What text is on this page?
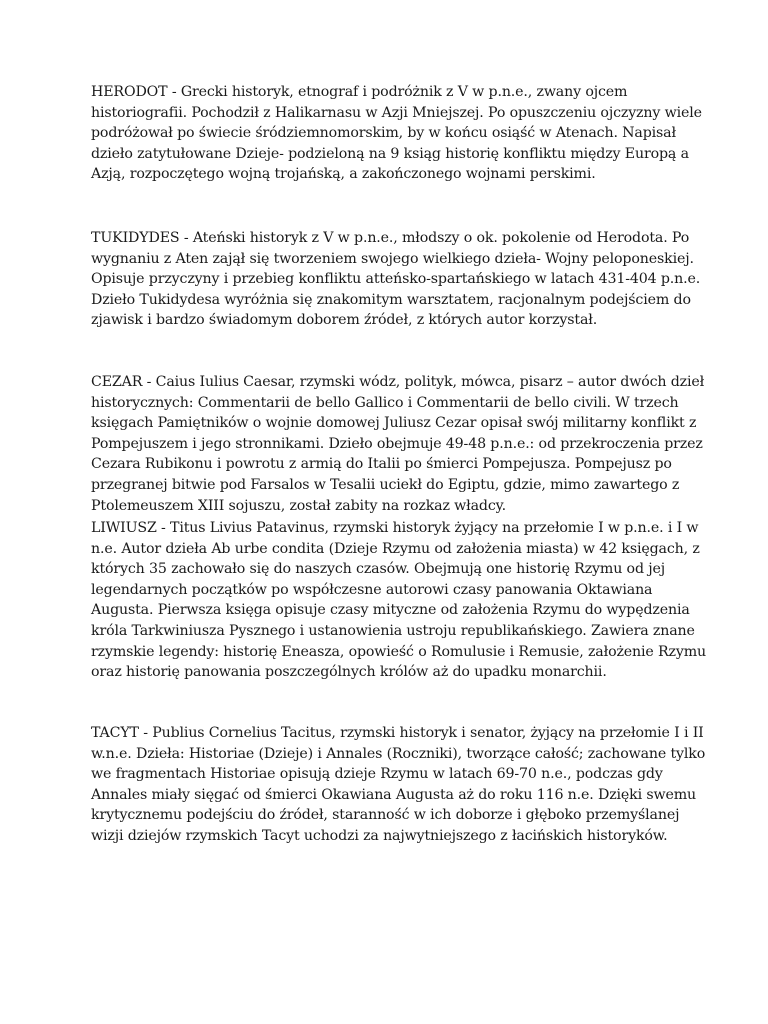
HERODOT - Grecki historyk, etnograf i podróżnik z V w p.n.e., zwany ojcem
historiografii. Pochodził z Halikarnasu w Azji Mniejszej. Po opuszczeniu ojczyzny wiele
podróżował po świecie śródziemnomorskim, by w końcu osiąść w Atenach. Napisał
dzieło zatytułowane Dzieje- podzieloną na 9 ksiąg historię konfliktu między Europą a
Azją, rozpoczętego wojną trojańską, a zakończonego wojnami perskimi.

TUKIDYDES - Ateński historyk z V w p.n.e., młodszy o ok. pokolenie od Herodota. Po
wygnaniu z Aten zajął się tworzeniem swojego wielkiego dzieła- Wojny peloponeskiej.
Opisuje przyczyny i przebieg konfliktu atteńsko-spartańskiego w latach 431-404 p.n.e.
Dzieło Tukidydesa wyróżnia się znakomitym warsztatem, racjonalnym podejściem do
zjawisk i bardzo świadomym doborem źródeł, z których autor korzystał.

CEZAR - Caius Iulius Caesar, rzymski wódz, polityk, mówca, pisarz – autor dwóch dzieł
historycznych: Commentarii de bello Gallico i Commentarii de bello civili. W trzech
księgach Pamiętników o wojnie domowej Juliusz Cezar opisał swój militarny konflikt z
Pompejuszem i jego stronnikami. Dzieło obejmuje 49-48 p.n.e.: od przekroczenia przez
Cezara Rubikonu i powrotu z armią do Italii po śmierci Pompejusza. Pompejusz po
przegranej bitwie pod Farsalos w Tesalii uciekł do Egiptu, gdzie, mimo zawartego z
Ptolemeuszem XIII sojuszu, został zabity na rozkaz władcy.

LIWIUSZ - Titus Livius Patavinus, rzymski historyk żyjący na przełomie I w p.n.e. i I w
n.e. Autor dzieła Ab urbe condita (Dzieje Rzymu od założenia miasta) w 42 księgach, z
których 35 zachowało się do naszych czasów. Obejmują one historię Rzymu od jej
legendarnych początków po współczesne autorowi czasy panowania Oktawiana
Augusta. Pierwsza księga opisuje czasy mityczne od założenia Rzymu do wypędzenia
króla Tarkwiniusza Pysznego i ustanowienia ustroju republikańskiego. Zawiera znane
rzymskie legendy: historię Eneasza, opowieść o Romulusie i Remusie, założenie Rzymu
oraz historię panowania poszczególnych królów aż do upadku monarchii.

TACYT - Publius Cornelius Tacitus, rzymski historyk i senator, żyjący na przełomie I i II
w.n.e. Dzieła: Historiae (Dzieje) i Annales (Roczniki), tworzące całość; zachowane tylko
we fragmentach Historiae opisują dzieje Rzymu w latach 69-70 n.e., podczas gdy
Annales miały sięgać od śmierci Okawiana Augusta aż do roku 116 n.e. Dzięki swemu
krytycznemu podejściu do źródeł, staranność w ich doborze i głęboko przemyślanej
wizji dziejów rzymskich Tacyt uchodzi za najwytniejszego z łacińskich historyków.
